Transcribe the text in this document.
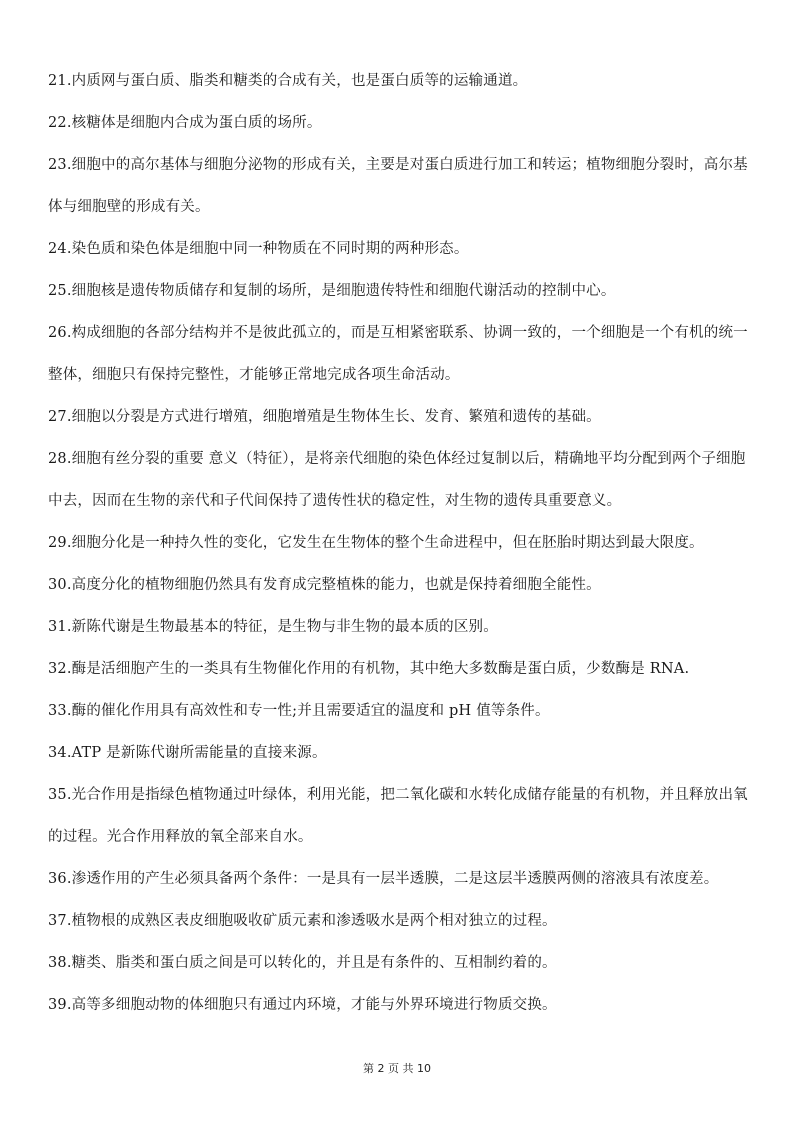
21.内质网与蛋白质、脂类和糖类的合成有关，也是蛋白质等的运输通道。
22.核糖体是细胞内合成为蛋白质的场所。
23.细胞中的高尔基体与细胞分泌物的形成有关，主要是对蛋白质进行加工和转运；植物细胞分裂时，高尔基体与细胞壁的形成有关。
24.染色质和染色体是细胞中同一种物质在不同时期的两种形态。
25.细胞核是遗传物质储存和复制的场所，是细胞遗传特性和细胞代谢活动的控制中心。
26.构成细胞的各部分结构并不是彼此孤立的，而是互相紧密联系、协调一致的，一个细胞是一个有机的统一整体，细胞只有保持完整性，才能够正常地完成各项生命活动。
27.细胞以分裂是方式进行增殖，细胞增殖是生物体生长、发育、繁殖和遗传的基础。
28.细胞有丝分裂的重要 意义（特征），是将亲代细胞的染色体经过复制以后，精确地平均分配到两个子细胞中去，因而在生物的亲代和子代间保持了遗传性状的稳定性，对生物的遗传具重要意义。
29.细胞分化是一种持久性的变化，它发生在生物体的整个生命进程中，但在胚胎时期达到最大限度。
30.高度分化的植物细胞仍然具有发育成完整植株的能力，也就是保持着细胞全能性。
31.新陈代谢是生物最基本的特征，是生物与非生物的最本质的区别。
32.酶是活细胞产生的一类具有生物催化作用的有机物，其中绝大多数酶是蛋白质，少数酶是 RNA.
33.酶的催化作用具有高效性和专一性;并且需要适宜的温度和 pH 值等条件。
34.ATP 是新陈代谢所需能量的直接来源。
35.光合作用是指绿色植物通过叶绿体，利用光能，把二氧化碳和水转化成储存能量的有机物，并且释放出氧的过程。光合作用释放的氧全部来自水。
36.渗透作用的产生必须具备两个条件：一是具有一层半透膜，二是这层半透膜两侧的溶液具有浓度差。
37.植物根的成熟区表皮细胞吸收矿质元素和渗透吸水是两个相对独立的过程。
38.糖类、脂类和蛋白质之间是可以转化的，并且是有条件的、互相制约着的。
39.高等多细胞动物的体细胞只有通过内环境，才能与外界环境进行物质交换。
第 2 页 共 10
